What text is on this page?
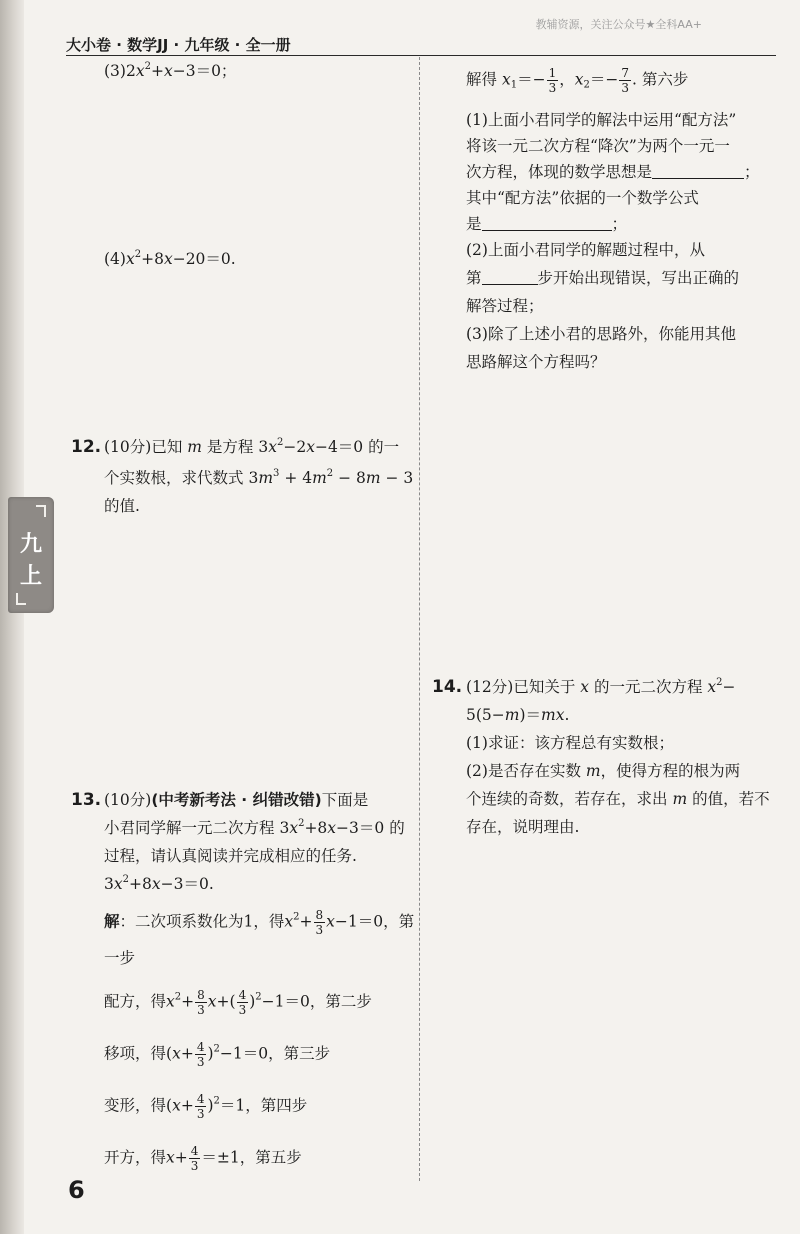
九
上
大小卷 · 数学JJ · 九年级 · 全一册
教辅资源，关注公众号★全科AA+
$(3)2x^2+x-3=0$；
$(4)x^2+8x-20=0$.
12. (10分)已知 m 是方程 $3x^2-2x-4=0$ 的一
个实数根，求代数式 $3m^3 + 4m^2 - 8m - 3$
的值.
13. (10分)(中考新考法 · 纠错改错)下面是
小君同学解一元二次方程 $3x^2+8x-3=0$ 的
过程，请认真阅读并完成相应的任务.
$3x^2+8x-3=0$.
解：二次项系数化为1，得$x^2+ \frac{8}{3} x-1=0$，第
一步
配方，得$x^2+ \frac{8}{3} x+( \frac{4}{3} )^2-1=0$，第二步
移项，得$(x+ \frac{4}{3} )^2-1=0$，第三步
变形，得$(x+ \frac{4}{3} )^2=1$，第四步
开方，得$x+ \frac{4}{3} =\pm 1$，第五步
6
解得 $x_1=- \frac{1}{3}$ ，$x_2=- \frac{7}{3}$ . 第六步
(1)上面小君同学的解法中运用“配方法”
将该一元二次方程“降次”为两个一元一
次方程，体现的数学思想是	；
其中“配方法”依据的一个数学公式
是	；
(2)上面小君同学的解题过程中，从
第	步开始出现错误，写出正确的
解答过程；
(3)除了上述小君的思路外，你能用其他
思路解这个方程吗？
14. (12分)已知关于 x 的一元二次方程 $x^2-$
5(5−m)＝mx.
(1)求证：该方程总有实数根；
(2)是否存在实数 m，使得方程的根为两
个连续的奇数，若存在，求出 m 的值，若不
存在，说明理由.
